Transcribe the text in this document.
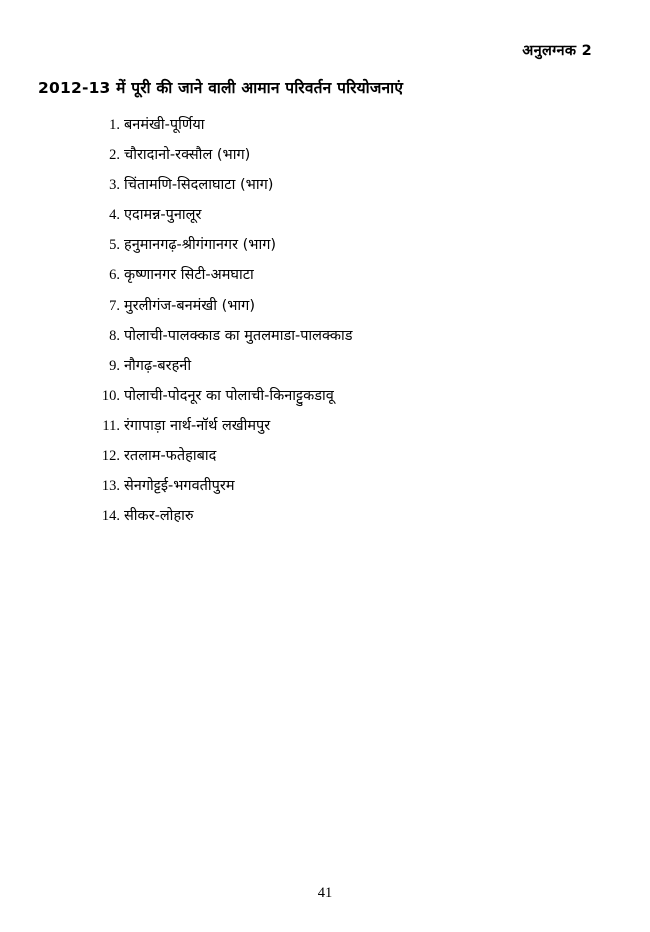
अनुलग्नक 2
2012-13 में पूरी की जाने वाली आमान परिवर्तन परियोजनाएं
बनमंखी-पूर्णिया
चौरादानो-रक्सौल (भाग)
चिंतामणि-सिदलाघाटा (भाग)
एदामन्न-पुनालूर
हनुमानगढ़-श्रीगंगानगर (भाग)
कृष्णानगर सिटी-अमघाटा
मुरलीगंज-बनमंखी (भाग)
पोलाची-पालक्काड का मुतलमाडा-पालक्काड
नौगढ़-बरहनी
पोलाची-पोदनूर का पोलाची-किनाट्टुकडावू
रंगापाड़ा नार्थ-नॉर्थ लखीमपुर
रतलाम-फतेहाबाद
सेनगोट्टई-भगवतीपुरम
सीकर-लोहारु
41
